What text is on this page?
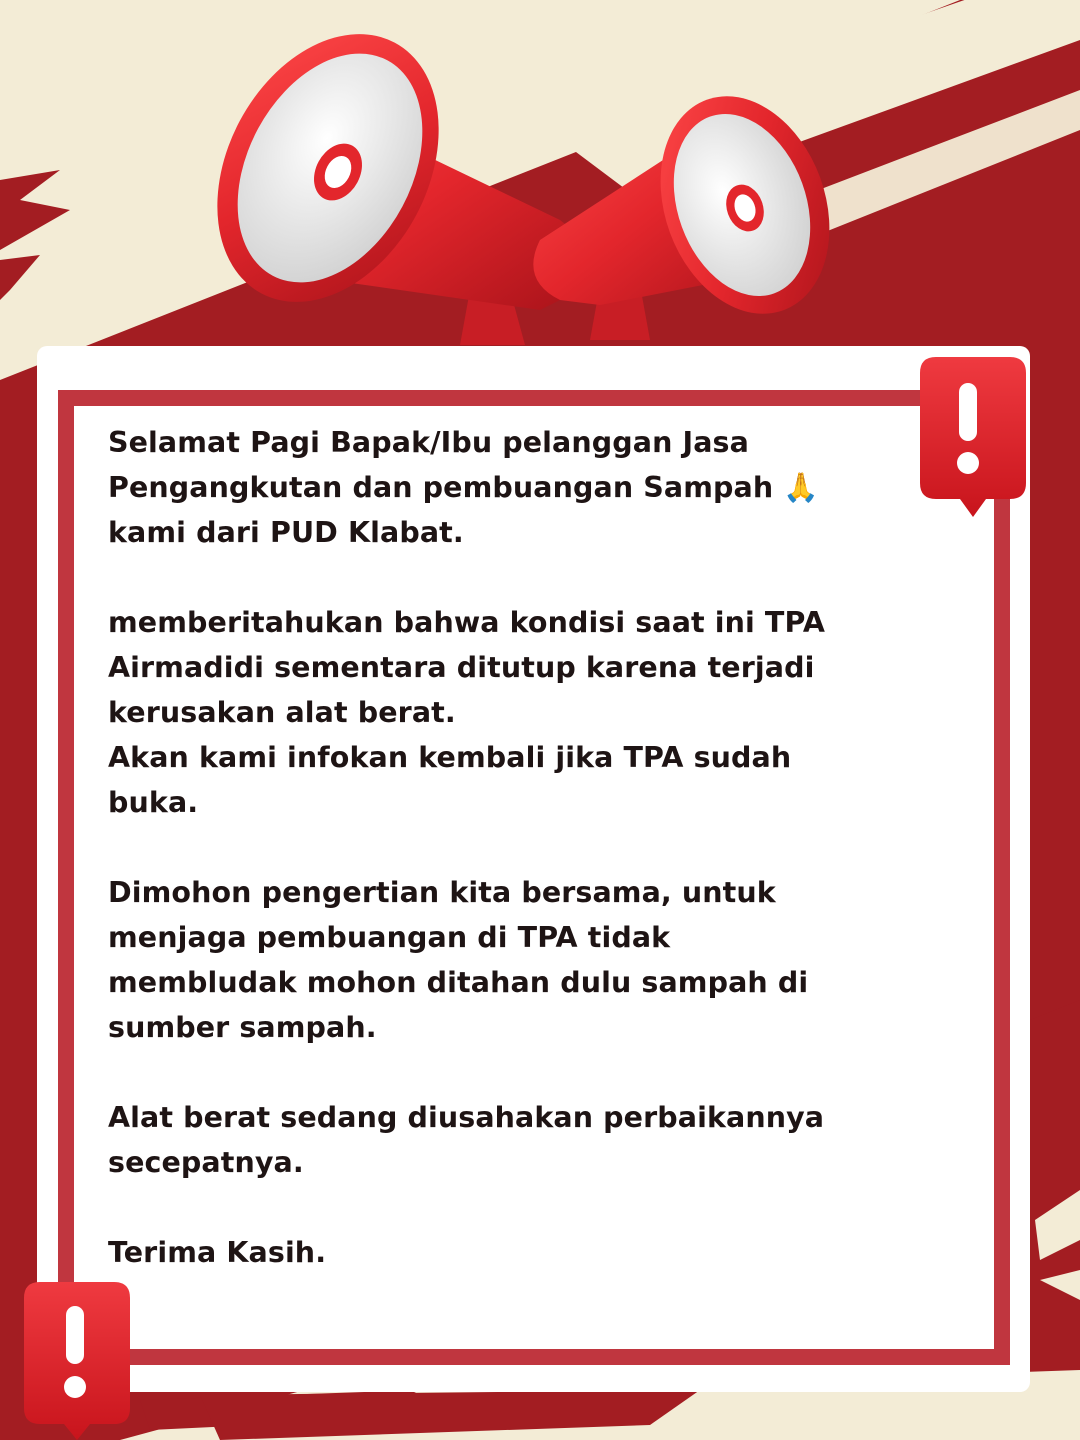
Selamat Pagi Bapak/Ibu pelanggan Jasa
Pengangkutan dan pembuangan Sampah 🙏
kami dari PUD Klabat.

memberitahukan bahwa kondisi saat ini TPA
Airmadidi sementara ditutup karena terjadi
kerusakan alat berat.
Akan kami infokan kembali jika TPA sudah
buka.

Dimohon pengertian kita bersama, untuk
menjaga pembuangan di TPA tidak
membludak mohon ditahan dulu sampah di
sumber sampah.

Alat berat sedang diusahakan perbaikannya
secepatnya.

Terima Kasih.
